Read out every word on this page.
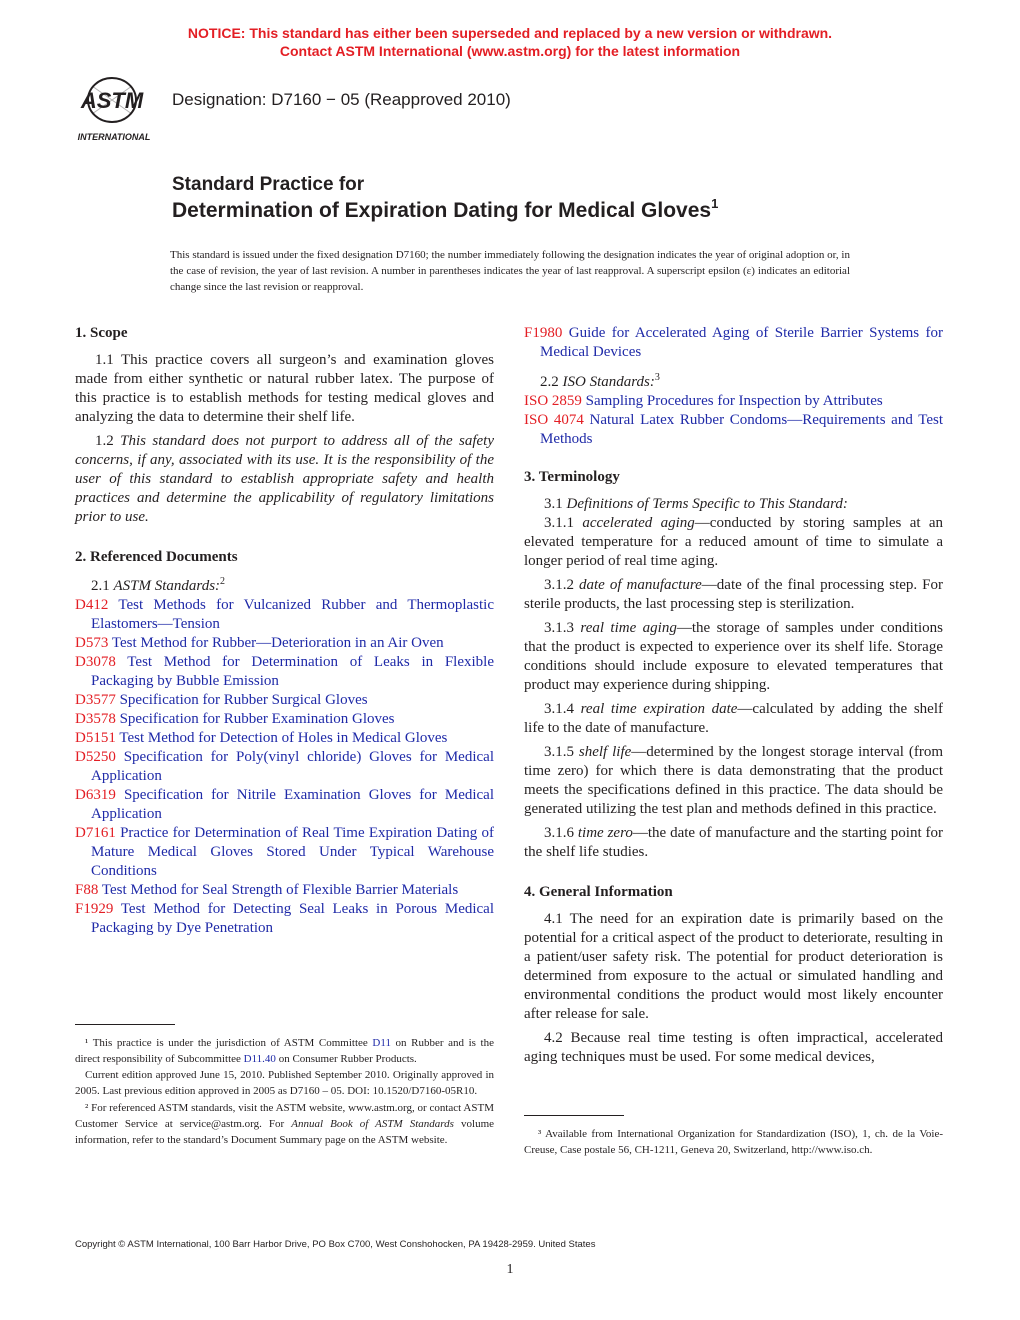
NOTICE: This standard has either been superseded and replaced by a new version or withdrawn.
Contact ASTM International (www.astm.org) for the latest information
ASTM
INTERNATIONAL
Designation: D7160 − 05 (Reapproved 2010)
Standard Practice for
Determination of Expiration Dating for Medical Gloves$^1$
This standard is issued under the fixed designation D7160; the number immediately following the designation indicates the year of original adoption or, in the case of revision, the year of last revision. A number in parentheses indicates the year of last reapproval. A superscript epsilon (ε) indicates an editorial change since the last revision or reapproval.

1. Scope

1.1 This practice covers all surgeon’s and examination gloves made from either synthetic or natural rubber latex. The purpose of this practice is to establish methods for testing medical gloves and analyzing the data to determine their shelf life.

1.2 This standard does not purport to address all of the safety concerns, if any, associated with its use. It is the responsibility of the user of this standard to establish appropriate safety and health practices and determine the applicability of regulatory limitations prior to use.

2. Referenced Documents

2.1 ASTM Standards:$^2$
D412 Test Methods for Vulcanized Rubber and Thermoplastic Elastomers—Tension
D573 Test Method for Rubber—Deterioration in an Air Oven
D3078 Test Method for Determination of Leaks in Flexible Packaging by Bubble Emission
D3577 Specification for Rubber Surgical Gloves
D3578 Specification for Rubber Examination Gloves
D5151 Test Method for Detection of Holes in Medical Gloves
D5250 Specification for Poly(vinyl chloride) Gloves for Medical Application
D6319 Specification for Nitrile Examination Gloves for Medical Application
D7161 Practice for Determination of Real Time Expiration Dating of Mature Medical Gloves Stored Under Typical Warehouse Conditions
F88 Test Method for Seal Strength of Flexible Barrier Materials
F1929 Test Method for Detecting Seal Leaks in Porous Medical Packaging by Dye Penetration
¹ This practice is under the jurisdiction of ASTM Committee D11 on Rubber and is the direct responsibility of Subcommittee D11.40 on Consumer Rubber Products.
Current edition approved June 15, 2010. Published September 2010. Originally approved in 2005. Last previous edition approved in 2005 as D7160 – 05. DOI: 10.1520/D7160-05R10.
² For referenced ASTM standards, visit the ASTM website, www.astm.org, or contact ASTM Customer Service at service@astm.org. For Annual Book of ASTM Standards volume information, refer to the standard’s Document Summary page on the ASTM website.
F1980 Guide for Accelerated Aging of Sterile Barrier Systems for Medical Devices
2.2 ISO Standards:$^3$
ISO 2859 Sampling Procedures for Inspection by Attributes
ISO 4074 Natural Latex Rubber Condoms—Requirements and Test Methods

3. Terminology

3.1 Definitions of Terms Specific to This Standard:

3.1.1 accelerated aging—conducted by storing samples at an elevated temperature for a reduced amount of time to simulate a longer period of real time aging.

3.1.2 date of manufacture—date of the final processing step. For sterile products, the last processing step is sterilization.

3.1.3 real time aging—the storage of samples under conditions that the product is expected to experience over its shelf life. Storage conditions should include exposure to elevated temperatures that product may experience during shipping.

3.1.4 real time expiration date—calculated by adding the shelf life to the date of manufacture.

3.1.5 shelf life—determined by the longest storage interval (from time zero) for which there is data demonstrating that the product meets the specifications defined in this practice. The data should be generated utilizing the test plan and methods defined in this practice.

3.1.6 time zero—the date of manufacture and the starting point for the shelf life studies.

4. General Information

4.1 The need for an expiration date is primarily based on the potential for a critical aspect of the product to deteriorate, resulting in a patient/user safety risk. The potential for product deterioration is determined from exposure to the actual or simulated handling and environmental conditions the product would most likely encounter after release for sale.

4.2 Because real time testing is often impractical, accelerated aging techniques must be used. For some medical devices,

³ Available from International Organization for Standardization (ISO), 1, ch. de la Voie-Creuse, Case postale 56, CH-1211, Geneva 20, Switzerland, http://www.iso.ch.
Copyright © ASTM International, 100 Barr Harbor Drive, PO Box C700, West Conshohocken, PA 19428-2959. United States
1
